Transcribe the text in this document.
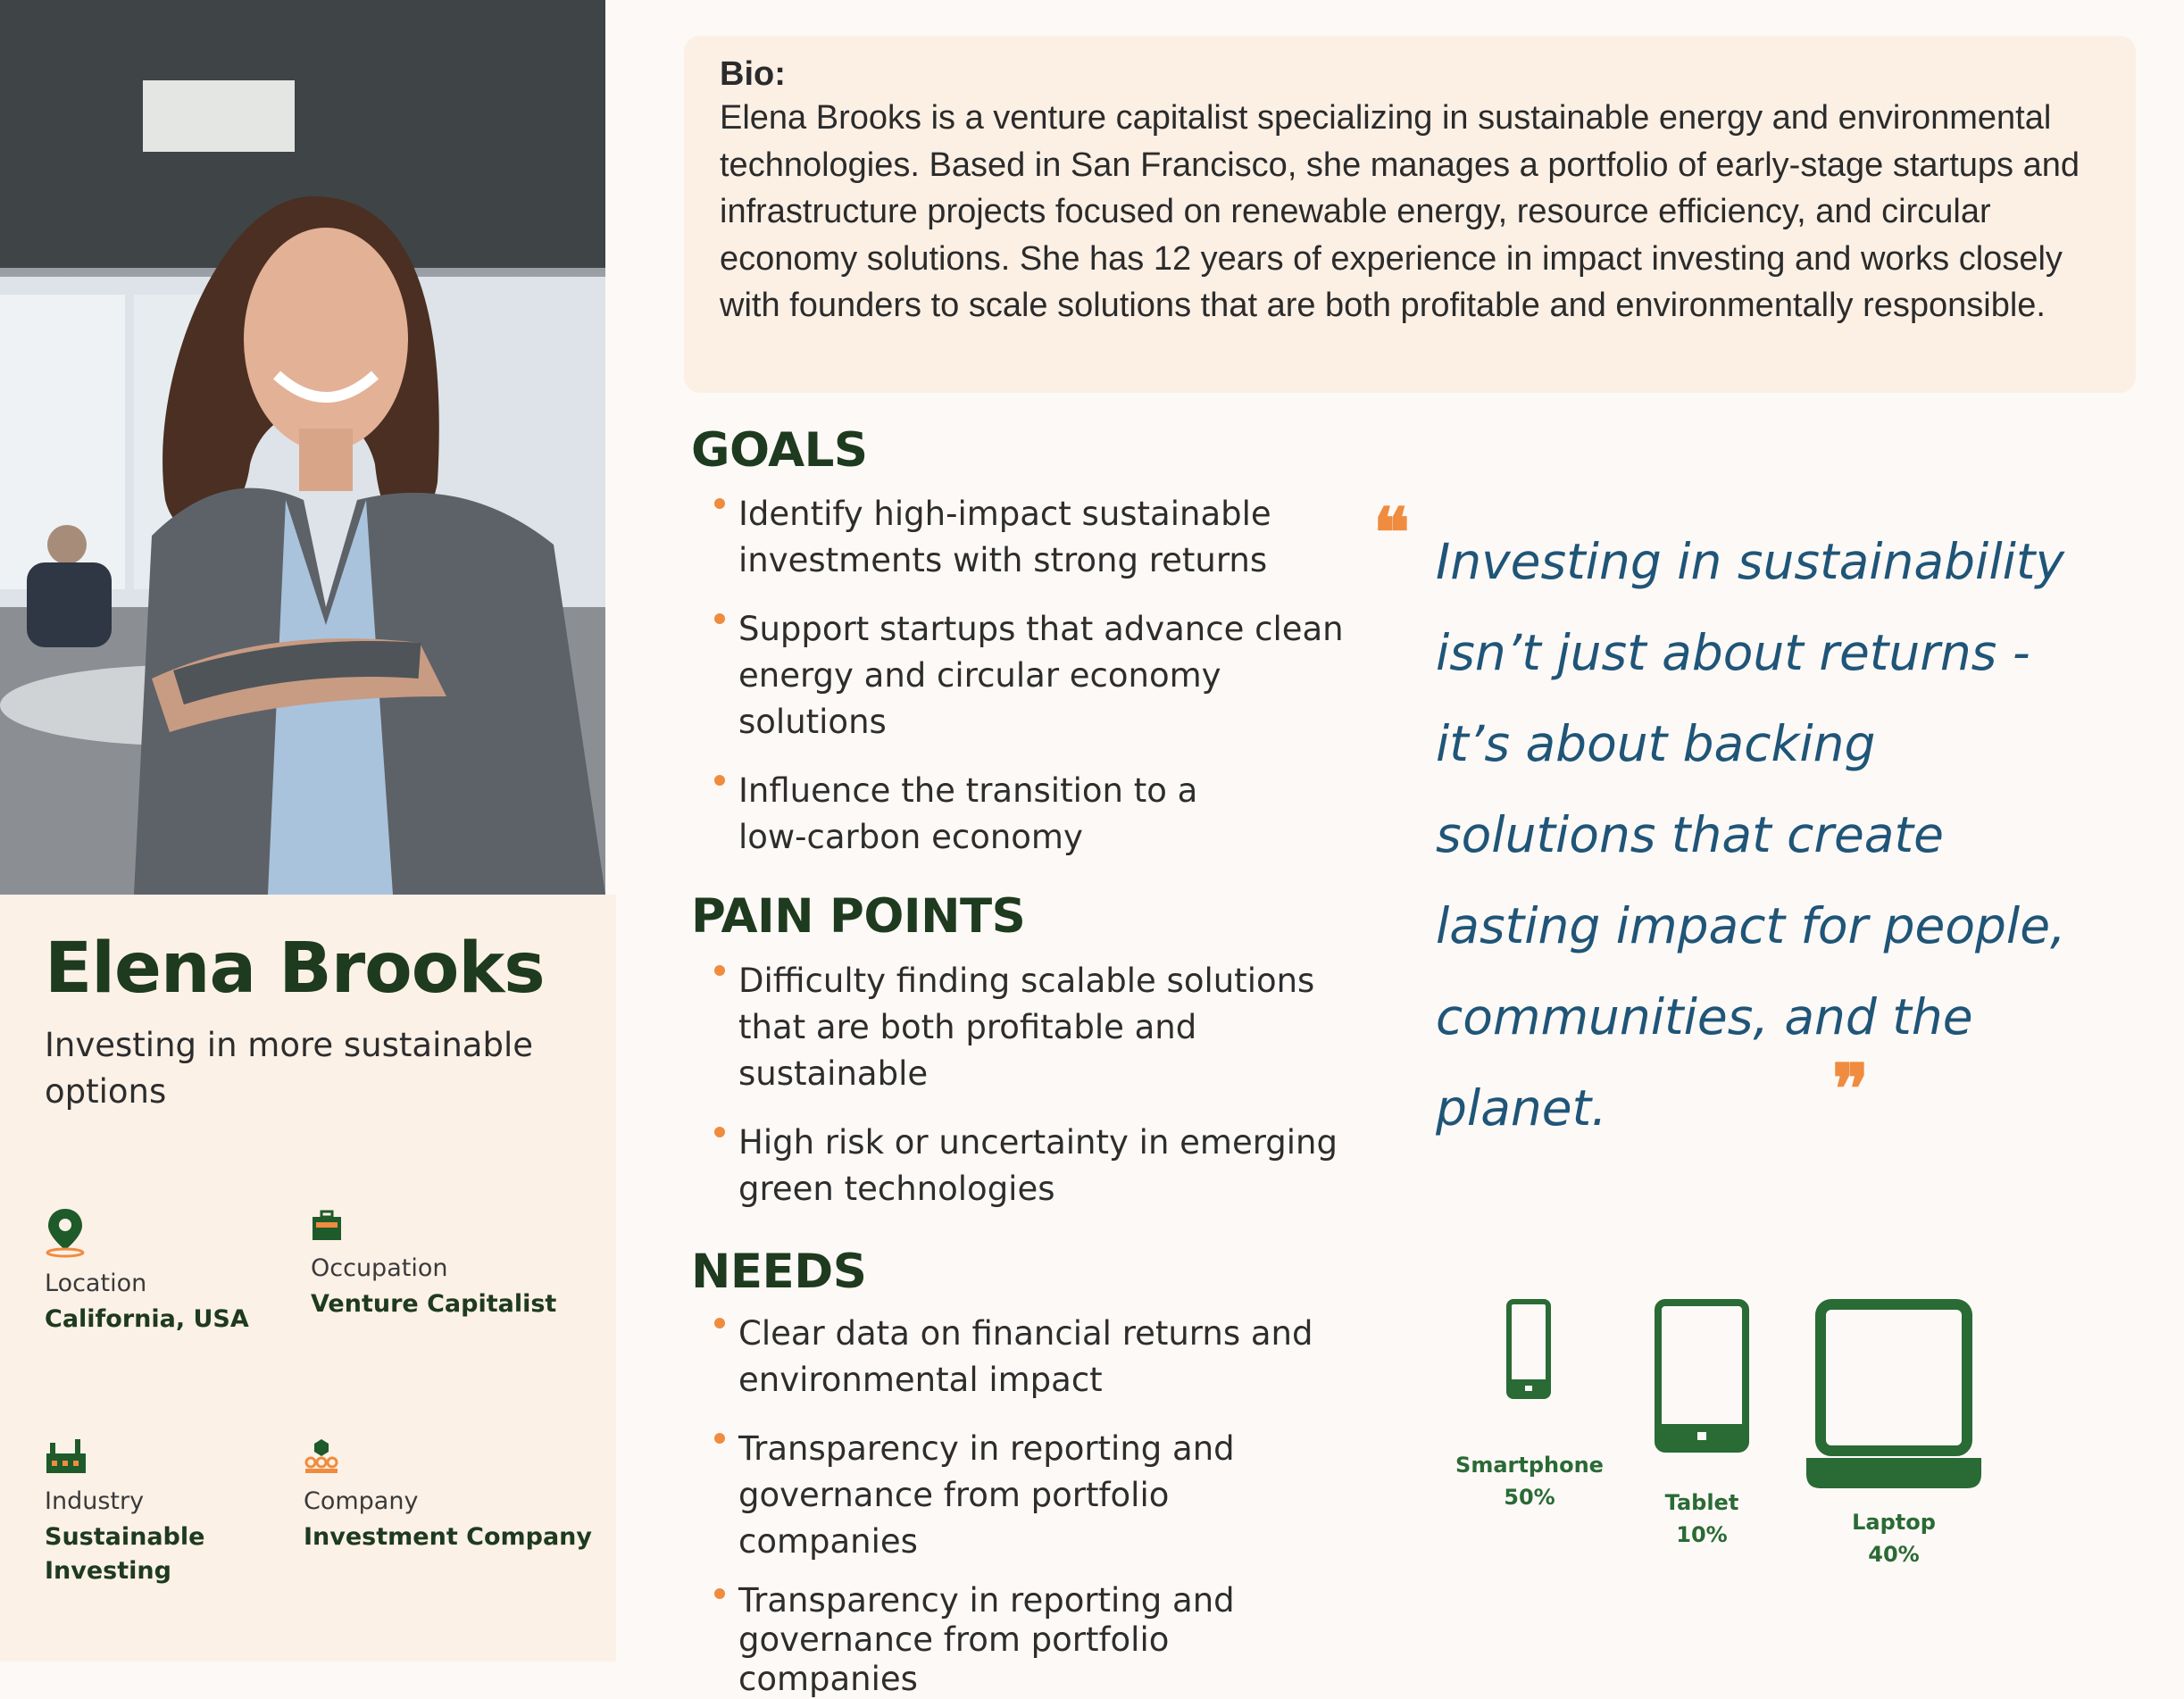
Elena Brooks
Investing in more sustainable options
Location
California, USA
Occupation
Venture Capitalist
Industry
Sustainable Investing
Company
Investment Company
Bio:
Elena Brooks is a venture capitalist specializing in sustainable energy and environmental technologies. Based in San Francisco, she manages a portfolio of early-stage startups and infrastructure projects focused on renewable energy, resource efficiency, and circular economy solutions. She has 12 years of experience in impact investing and works closely with founders to scale solutions that are both profitable and environmentally responsible.
GOALS
Identify high-impact sustainable investments with strong returns
Support startups that advance clean energy and circular economy solutions
Influence the transition to a low-carbon economy
PAIN POINTS
Difficulty finding scalable solutions that are both profitable and sustainable
High risk or uncertainty in emerging green technologies
NEEDS
Clear data on financial returns and environmental impact
Transparency in reporting and governance from portfolio companies
Transparency in reporting and governance from portfolio companies
❝ Investing in sustainability isn’t just about returns - it’s about backing solutions that create lasting impact for people, communities, and the planet.	❞
Smartphone
50%	Tablet
10%	Laptop
40%
